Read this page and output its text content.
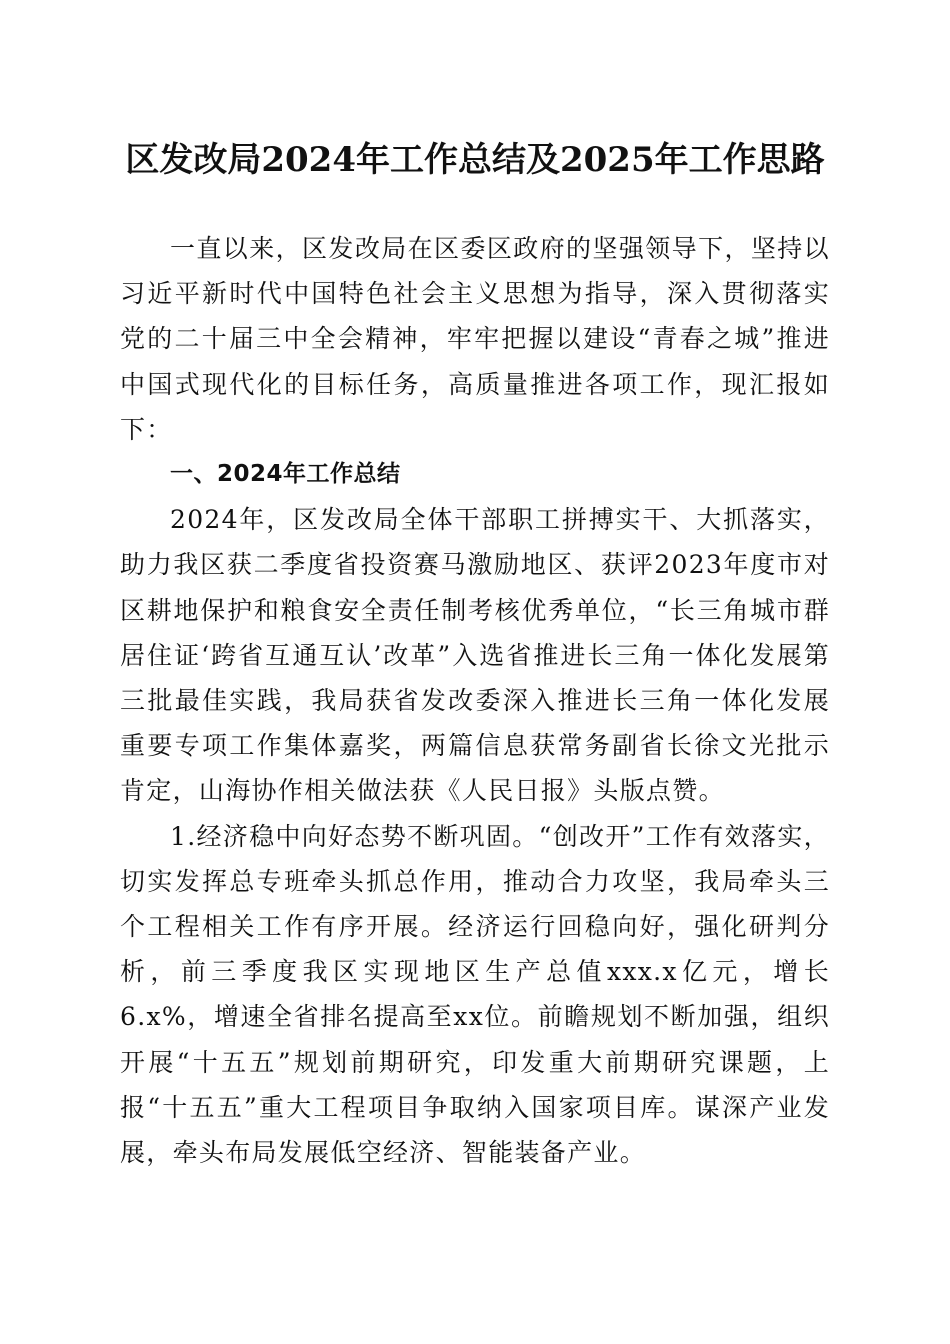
区发改局2024年工作总结及2025年工作思路

一直以来，区发改局在区委区政府的坚强领导下，坚持以习近平新时代中国特色社会主义思想为指导，深入贯彻落实党的二十届三中全会精神，牢牢把握以建设“青春之城”推进中国式现代化的目标任务，高质量推进各项工作，现汇报如下：

一、2024年工作总结

2024年，区发改局全体干部职工拼搏实干、大抓落实，助力我区获二季度省投资赛马激励地区、获评2023年度市对区耕地保护和粮食安全责任制考核优秀单位，“长三角城市群居住证‘跨省互通互认’改革”入选省推进长三角一体化发展第三批最佳实践，我局获省发改委深入推进长三角一体化发展重要专项工作集体嘉奖，两篇信息获常务副省长徐文光批示肯定，山海协作相关做法获《人民日报》头版点赞。

1.经济稳中向好态势不断巩固。“创改开”工作有效落实，切实发挥总专班牵头抓总作用，推动合力攻坚，我局牵头三个工程相关工作有序开展。经济运行回稳向好，强化研判分析，前三季度我区实现地区生产总值xxx.x亿元，增长6.x%，增速全省排名提高至xx位。前瞻规划不断加强，组织开展“十五五”规划前期研究，印发重大前期研究课题，上报“十五五”重大工程项目争取纳入国家项目库。谋深产业发展，牵头布局发展低空经济、智能装备产业。
